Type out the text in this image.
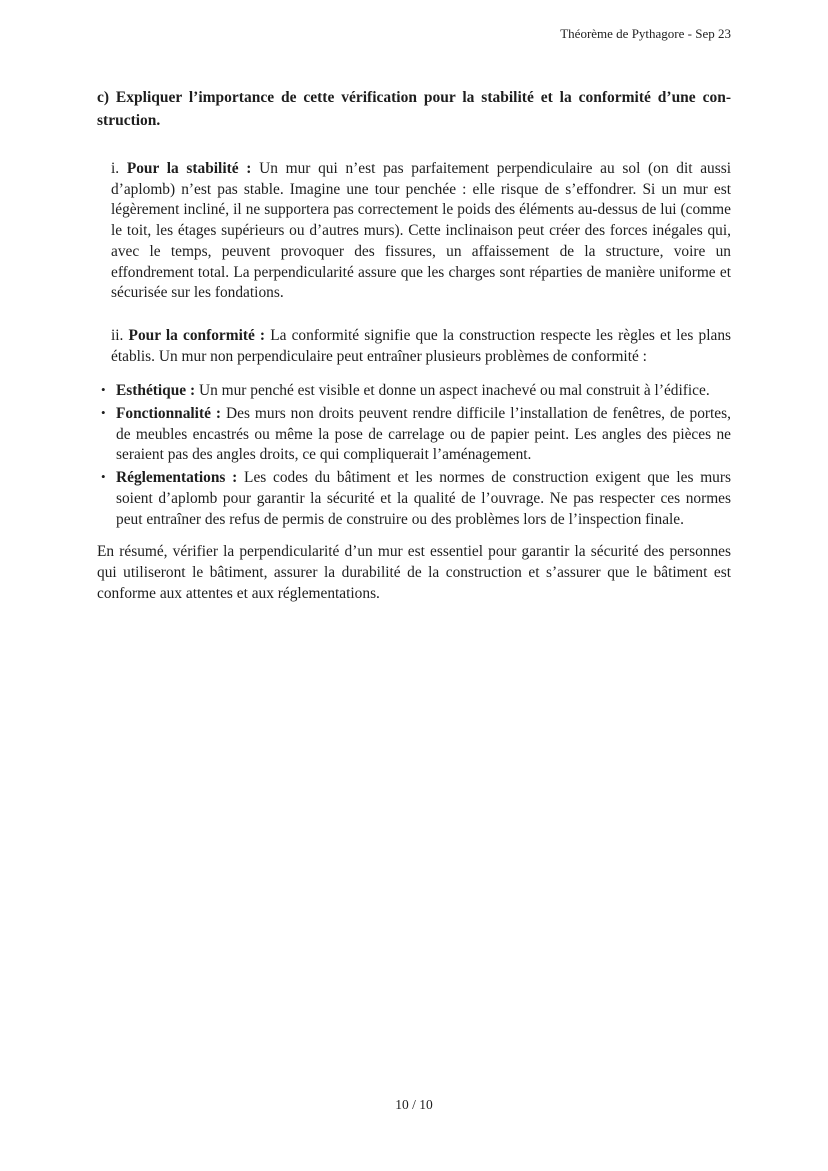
Théorème de Pythagore - Sep 23
c) Expliquer l’importance de cette vérification pour la stabilité et la conformité d’une construction.

i. Pour la stabilité : Un mur qui n’est pas parfaitement perpendiculaire au sol (on dit aussi d’aplomb) n’est pas stable. Imagine une tour penchée : elle risque de s’effondrer. Si un mur est légèrement incliné, il ne supportera pas correctement le poids des éléments au-dessus de lui (comme le toit, les étages supérieurs ou d’autres murs). Cette inclinaison peut créer des forces inégales qui, avec le temps, peuvent provoquer des fissures, un affaissement de la structure, voire un effondrement total. La perpendicularité assure que les charges sont réparties de manière uniforme et sécurisée sur les fondations.

ii. Pour la conformité : La conformité signifie que la construction respecte les règles et les plans établis. Un mur non perpendiculaire peut entraîner plusieurs problèmes de conformité :

• Esthétique : Un mur penché est visible et donne un aspect inachevé ou mal construit à l’édifice.
• Fonctionnalité : Des murs non droits peuvent rendre difficile l’installation de fenêtres, de portes, de meubles encastrés ou même la pose de carrelage ou de papier peint. Les angles des pièces ne seraient pas des angles droits, ce qui compliquerait l’aménagement.
• Réglementations : Les codes du bâtiment et les normes de construction exigent que les murs soient d’aplomb pour garantir la sécurité et la qualité de l’ouvrage. Ne pas respecter ces normes peut entraîner des refus de permis de construire ou des problèmes lors de l’inspection finale.

En résumé, vérifier la perpendicularité d’un mur est essentiel pour garantir la sécurité des personnes qui utiliseront le bâtiment, assurer la durabilité de la construction et s’assurer que le bâtiment est conforme aux attentes et aux réglementations.

10 / 10
